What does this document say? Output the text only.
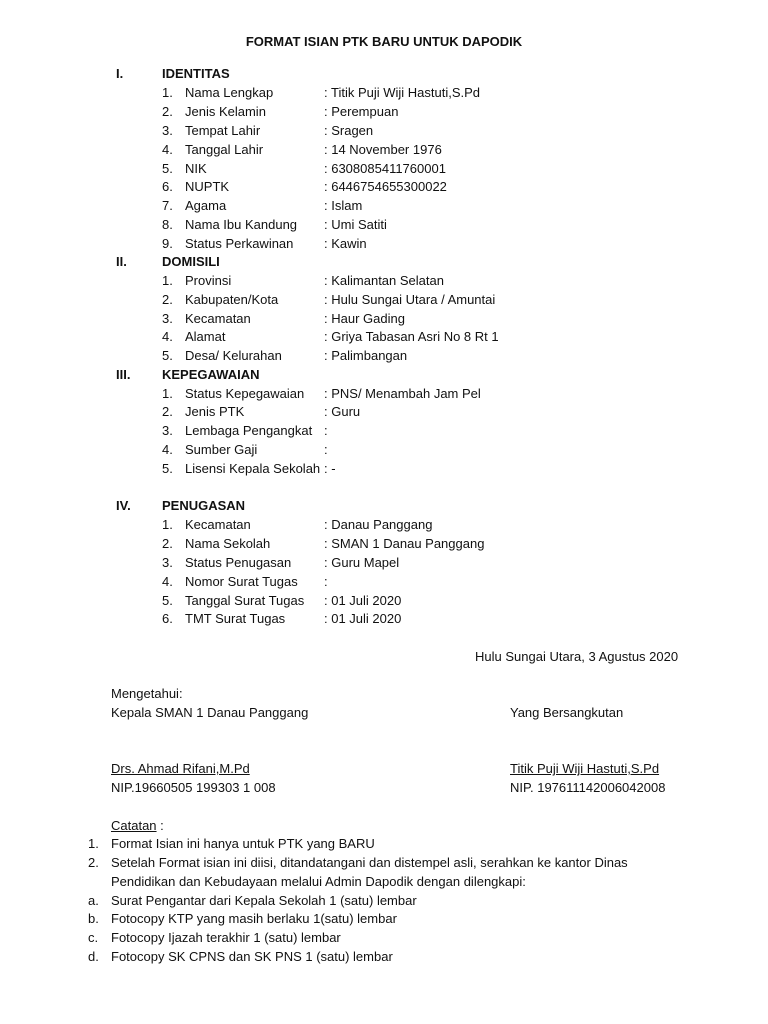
FORMAT ISIAN PTK BARU UNTUK DAPODIK
I.	IDENTITAS
1. Nama Lengkap	: Titik Puji Wiji Hastuti,S.Pd
2. Jenis Kelamin	: Perempuan
3. Tempat Lahir	: Sragen
4. Tanggal Lahir	: 14 November 1976
5. NIK	: 6308085411760001
6. NUPTK	: 6446754655300022
7. Agama	: Islam
8. Nama Ibu Kandung : Umi Satiti
9. Status Perkawinan : Kawin
II.	DOMISILI
1. Provinsi	: Kalimantan Selatan
2. Kabupaten/Kota	: Hulu Sungai Utara / Amuntai
3. Kecamatan	: Haur Gading
4. Alamat	: Griya Tabasan Asri No 8 Rt 1
5. Desa/ Kelurahan	: Palimbangan
III. KEPEGAWAIAN
1. Status Kepegawaian : PNS/ Menambah Jam Pel
2. Jenis PTK	: Guru
3. Lembaga Pengangkat :
4. Sumber Gaji	:
5. Lisensi Kepala Sekolah : -
IV. PENUGASAN
1. Kecamatan	: Danau Panggang
2. Nama Sekolah	: SMAN 1 Danau Panggang
3. Status Penugasan	: Guru Mapel
4. Nomor Surat Tugas :
5. Tanggal Surat Tugas : 01 Juli 2020
6. TMT Surat Tugas	: 01 Juli 2020
Hulu Sungai Utara, 3 Agustus 2020
Mengetahui:
Kepala SMAN 1 Danau Panggang	Yang Bersangkutan
Drs. Ahmad Rifani,M.Pd	Titik Puji Wiji Hastuti,S.Pd
NIP.19660505 199303 1 008	NIP. 197611142006042008
Catatan :
1. Format Isian ini hanya untuk PTK yang BARU
2. Setelah Format isian ini diisi, ditandatangani dan distempel asli, serahkan ke kantor Dinas
Pendidikan dan Kebudayaan melalui Admin Dapodik dengan dilengkapi:
a. Surat Pengantar dari Kepala Sekolah 1 (satu) lembar
b. Fotocopy KTP yang masih berlaku 1(satu) lembar
c. Fotocopy Ijazah terakhir 1 (satu) lembar
d. Fotocopy SK CPNS dan SK PNS 1 (satu) lembar
